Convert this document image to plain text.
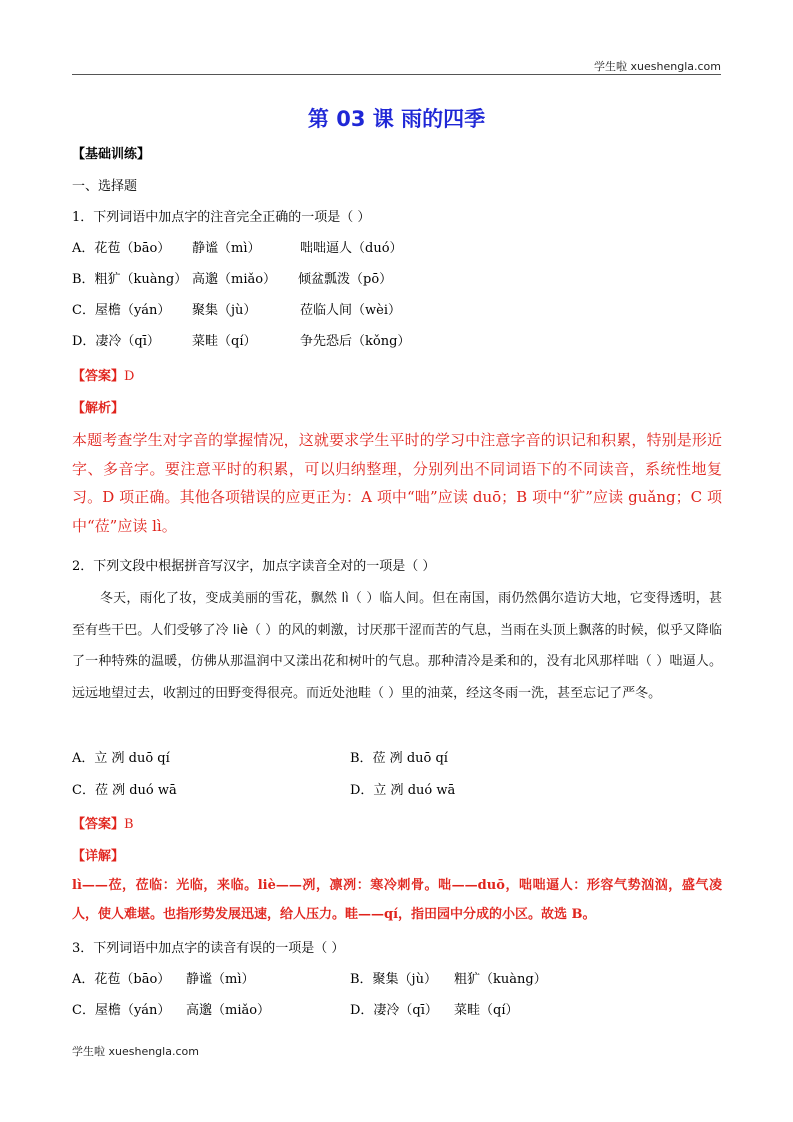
学生啦 xueshengla.com
第 03 课 雨的四季
【基础训练】
一、选择题
1．下列词语中加点字的注音完全正确的一项是（ ）
A．花苞（bāo） 静谧（mì）	咄咄逼人（duó）
B．粗犷（kuàng） 高邈（miǎo） 倾盆瓢泼（pō）
C．屋檐（yán） 聚集（jù）	莅临人间（wèi）
D．凄冷（qī） 菜畦（qí）	争先恐后（kǒng）
【答案】D
【解析】
本题考查学生对字音的掌握情况，这就要求学生平时的学习中注意字音的识记和积累，特别是形近字、多音字。要注意平时的积累，可以归纳整理，分别列出不同词语下的不同读音，系统性地复习。D 项正确。其他各项错误的应更正为：A 项中“咄”应读 duō；B 项中“犷”应读 guǎng；C 项中“莅”应读 lì。
2．下列文段中根据拼音写汉字，加点字读音全对的一项是（ ）
冬天，雨化了妆，变成美丽的雪花，飘然 lì（ ）临人间。但在南国，雨仍然偶尔造访大地，它变得透明，甚至有些干巴。人们受够了冷 liè（ ）的风的刺激，讨厌那干涩而苦的气息，当雨在头顶上飘落的时候，似乎又降临了一种特殊的温暖，仿佛从那温润中又漾出花和树叶的气息。那种清冷是柔和的，没有北风那样咄（ ）咄逼人。远远地望过去，收割过的田野变得很亮。而近处池畦（ ）里的油菜，经这冬雨一洗，甚至忘记了严冬。
A．立 冽 duō qí	B．莅 冽 duō qí
C．莅 冽 duó wā	D．立 冽 duó wā
【答案】B
【详解】
lì——莅，莅临：光临，来临。liè——冽，凛冽：寒冷刺骨。咄——duō，咄咄逼人：形容气势汹汹，盛气凌人，使人难堪。也指形势发展迅速，给人压力。畦——qí，指田园中分成的小区。故选 B。
3．下列词语中加点字的读音有误的一项是（ ）
A．花苞（bāo） 静谧（mì）	B．聚集（jù） 粗犷（kuàng）
C．屋檐（yán） 高邈（miǎo）	D．凄冷（qī） 菜畦（qí）
学生啦 xueshengla.com
